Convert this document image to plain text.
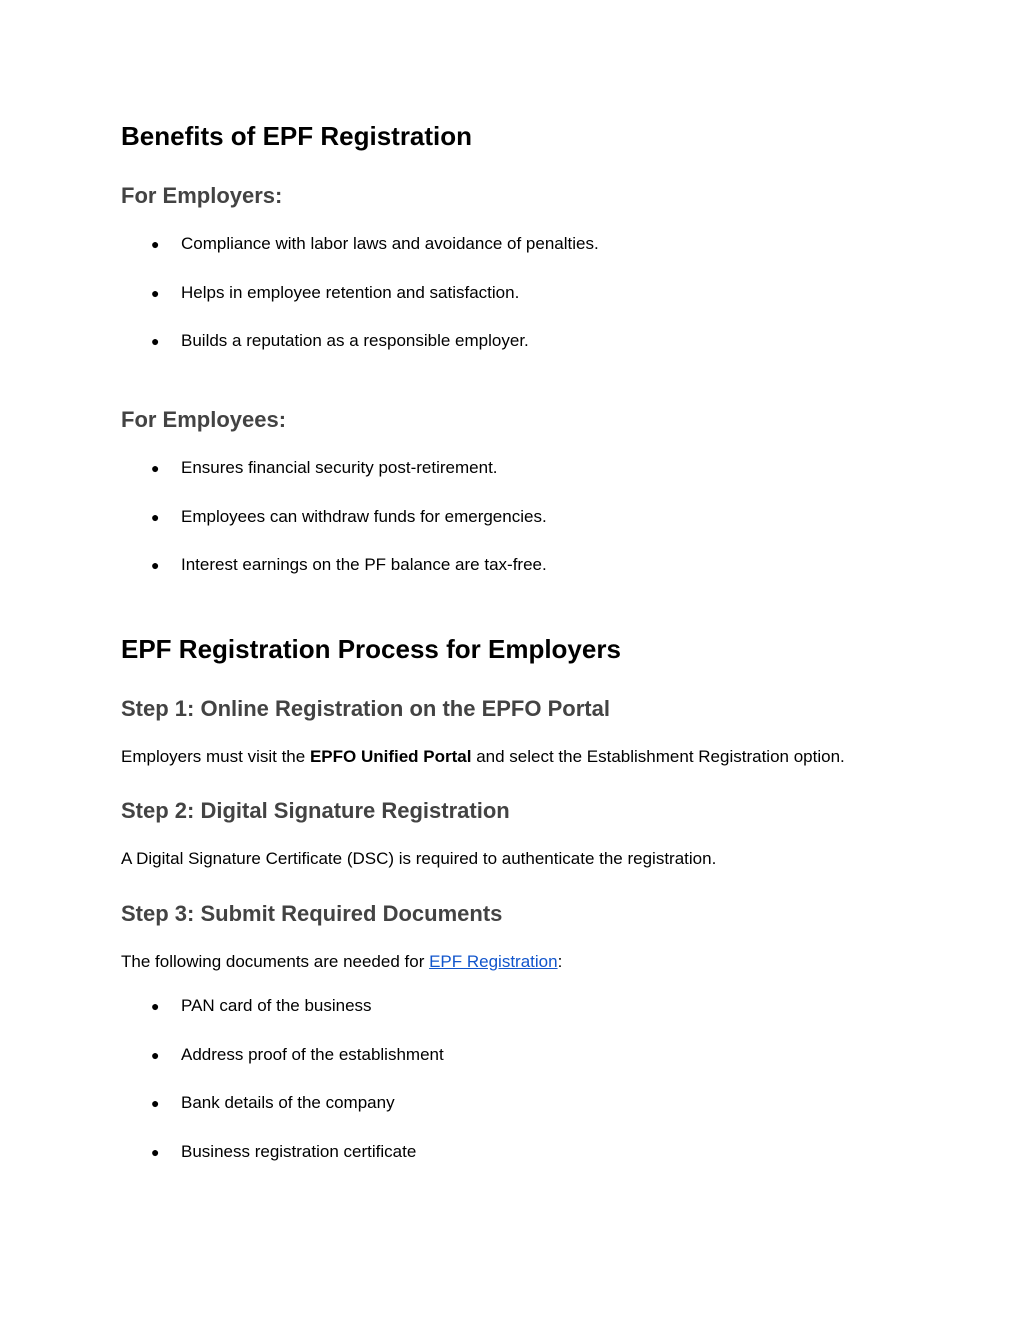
Benefits of EPF Registration
For Employers:
● Compliance with labor laws and avoidance of penalties.
● Helps in employee retention and satisfaction.
● Builds a reputation as a responsible employer.
For Employees:
● Ensures financial security post-retirement.
● Employees can withdraw funds for emergencies.
● Interest earnings on the PF balance are tax-free.
EPF Registration Process for Employers
Step 1: Online Registration on the EPFO Portal

Employers must visit the EPFO Unified Portal and select the Establishment Registration option.

Step 2: Digital Signature Registration

A Digital Signature Certificate (DSC) is required to authenticate the registration.

Step 3: Submit Required Documents

The following documents are needed for EPF Registration:

● PAN card of the business
● Address proof of the establishment
● Bank details of the company
● Business registration certificate
